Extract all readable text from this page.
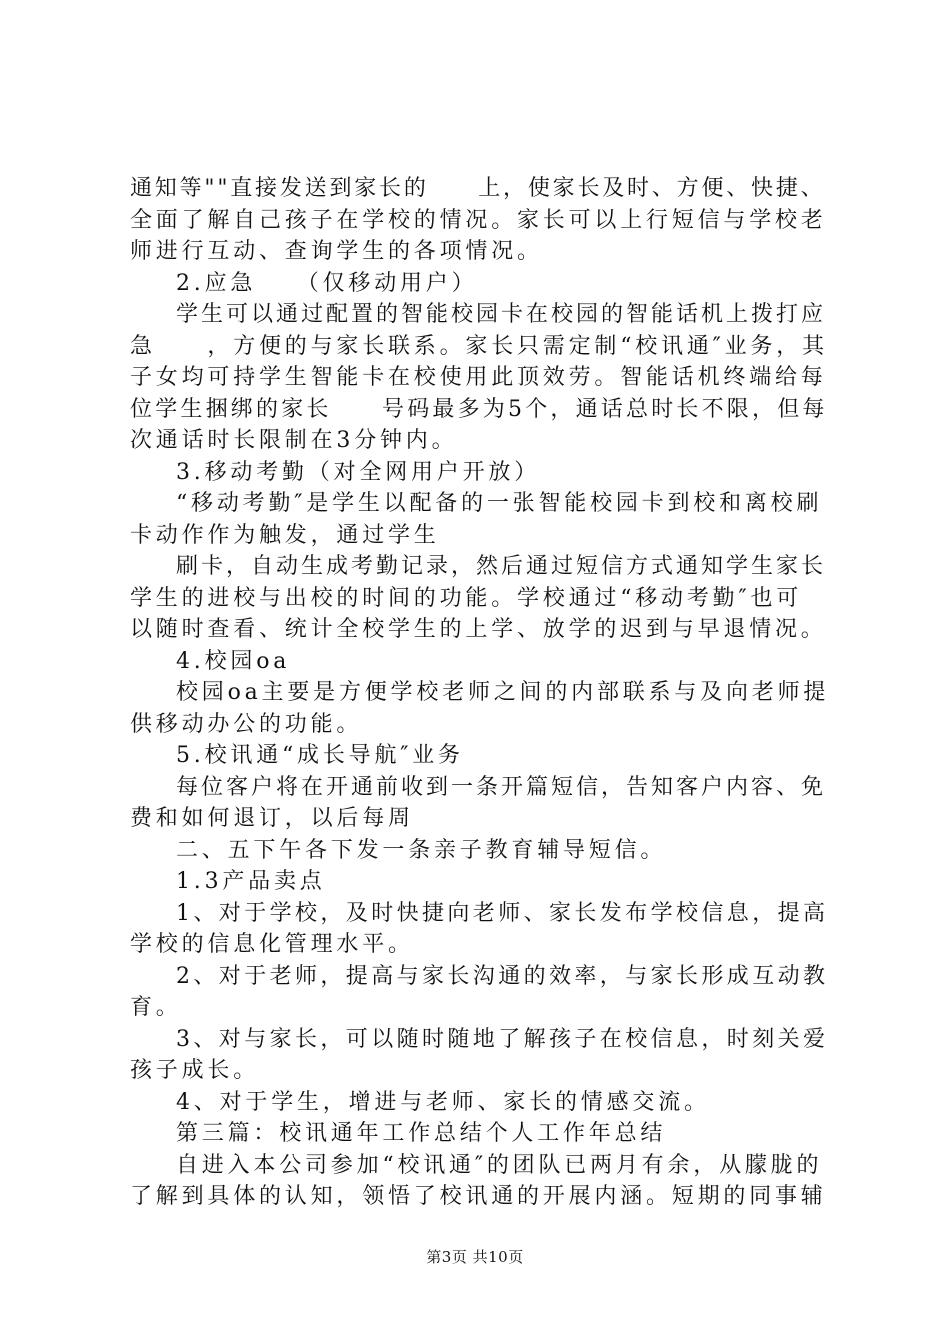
通知等""直接发送到家长的　　上，使家长及时、方便、快捷、
全面了解自己孩子在学校的情况。家长可以上行短信与学校老
师进行互动、查询学生的各项情况。
2.应急　　（仅移动用户）
学生可以通过配置的智能校园卡在校园的智能话机上拨打应
急　　，方便的与家长联系。家长只需定制“校讯通″业务，其
子女均可持学生智能卡在校使用此顶效劳。智能话机终端给每
位学生捆绑的家长　　号码最多为5个，通话总时长不限，但每
次通话时长限制在3分钟内。
3.移动考勤（对全网用户开放）
“移动考勤″是学生以配备的一张智能校园卡到校和离校刷
卡动作作为触发，通过学生
刷卡，自动生成考勤记录，然后通过短信方式通知学生家长
学生的进校与出校的时间的功能。学校通过“移动考勤″也可
以随时查看、统计全校学生的上学、放学的迟到与早退情况。
4.校园oa
校园oa主要是方便学校老师之间的内部联系与及向老师提
供移动办公的功能。
5.校讯通“成长导航″业务
每位客户将在开通前收到一条开篇短信，告知客户内容、免
费和如何退订，以后每周
二、五下午各下发一条亲子教育辅导短信。
1.3产品卖点
1、对于学校，及时快捷向老师、家长发布学校信息，提高
学校的信息化管理水平。
2、对于老师，提高与家长沟通的效率，与家长形成互动教
育。
3、对与家长，可以随时随地了解孩子在校信息，时刻关爱
孩子成长。
4、对于学生，增进与老师、家长的情感交流。
第三篇：校讯通年工作总结个人工作年总结
自进入本公司参加“校讯通″的团队已两月有余，从朦胧的
了解到具体的认知，领悟了校讯通的开展内涵。短期的同事辅
第3页 共10页
